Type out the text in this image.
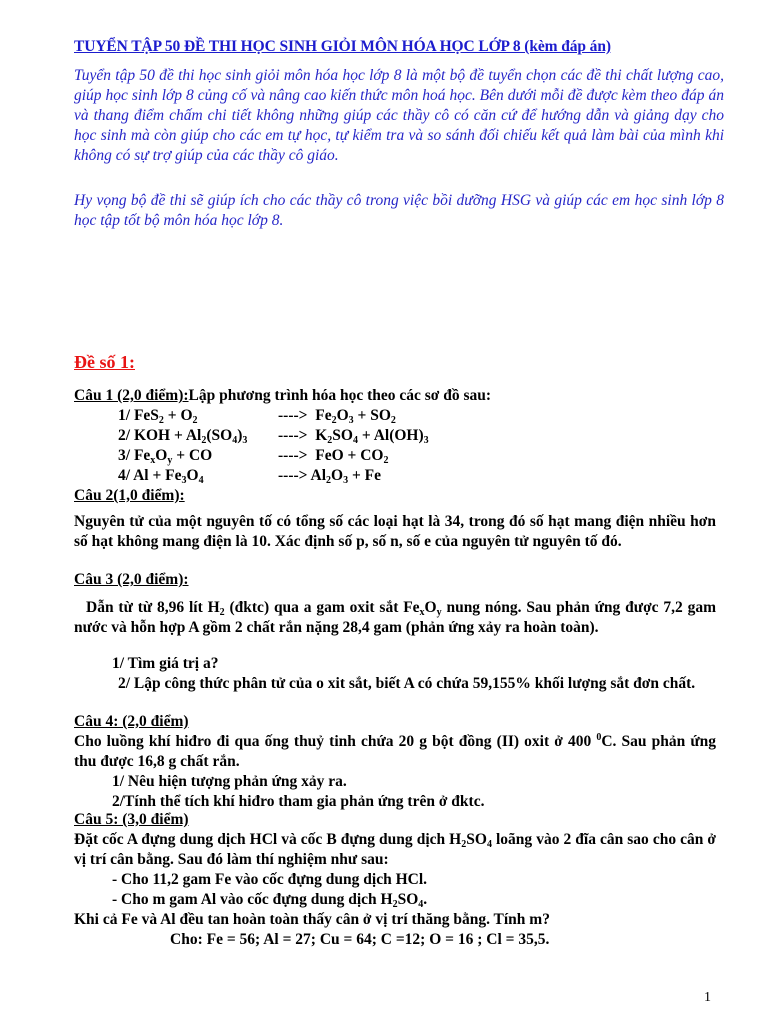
TUYỂN TẬP 50 ĐỀ THI HỌC SINH GIỎI MÔN HÓA HỌC LỚP 8 (kèm đáp án)
Tuyển tập 50 đề thi học sinh giỏi môn hóa học lớp 8 là một bộ đề tuyển chọn các đề thi chất lượng cao, giúp học sinh lớp 8 củng cố và nâng cao kiến thức môn hoá học. Bên dưới mỗi đề được kèm theo đáp án và thang điểm chấm chi tiết không những giúp các thầy cô có căn cứ để hướng dẫn và giảng dạy cho học sinh mà còn giúp cho các em tự học, tự kiểm tra và so sánh đối chiếu kết quả làm bài của mình khi không có sự trợ giúp của các thầy cô giáo.
Hy vọng bộ đề thi sẽ giúp ích cho các thầy cô trong việc bồi dưỡng HSG và giúp các em học sinh lớp 8 học tập tốt bộ môn hóa học lớp 8.
Đề số 1:
Câu 1 (2,0 điểm):Lập phương trình hóa học theo các sơ đồ sau:
1/ $FeS_2 + O_2$	---->  $Fe_2O_3 + SO_2$
2/ KOH + $Al_2(SO_4)_3$ ---->  $K_2SO_4 + Al(OH)_3$
3/ $Fe_xO_y$ + CO	---->  FeO + $CO_2$
4/ $Al + Fe_3O_4$	----> $Al_2O_3 + Fe$
Câu 2(1,0 điểm):
Nguyên tử của một nguyên tố có tổng số các loại hạt là 34, trong đó số hạt mang điện nhiều hơn số hạt không mang điện là 10. Xác định số p, số n, số e của nguyên tử nguyên tố đó.
Câu 3 (2,0 điểm):
Dẫn từ từ 8,96 lít $H_2$ (đktc) qua a gam oxit sắt $Fe_xO_y$ nung nóng. Sau phản ứng được 7,2 gam nước và hỗn hợp A gồm 2 chất rắn nặng 28,4 gam (phản ứng xảy ra hoàn toàn).
1/ Tìm giá trị a?
2/ Lập công thức phân tử của o xit sắt, biết A có chứa 59,155% khối lượng sắt đơn chất.
Câu 4: (2,0 điểm)
Cho luồng khí hiđro đi qua ống thuỷ tinh chứa 20 g bột đồng (II) oxit ở 400 $^0$C. Sau phản ứng thu được 16,8 g chất rắn.
1/ Nêu hiện tượng phản ứng xảy ra.
2/Tính thể tích khí hiđro tham gia phản ứng trên ở đktc.
Câu 5: (3,0 điểm)
Đặt cốc A đựng dung dịch HCl và cốc B đựng dung dịch $H_2SO_4$ loãng vào 2 đĩa cân sao cho cân ở vị trí cân bằng. Sau đó làm thí nghiệm như sau:
- Cho 11,2 gam Fe vào cốc đựng dung dịch HCl.
- Cho m gam Al vào cốc đựng dung dịch $H_2SO_4$.
Khi cả Fe và Al đều tan hoàn toàn thấy cân ở vị trí thăng bằng. Tính m?
Cho: Fe = 56; Al = 27; Cu = 64; C =12; O = 16 ; Cl = 35,5.
1
